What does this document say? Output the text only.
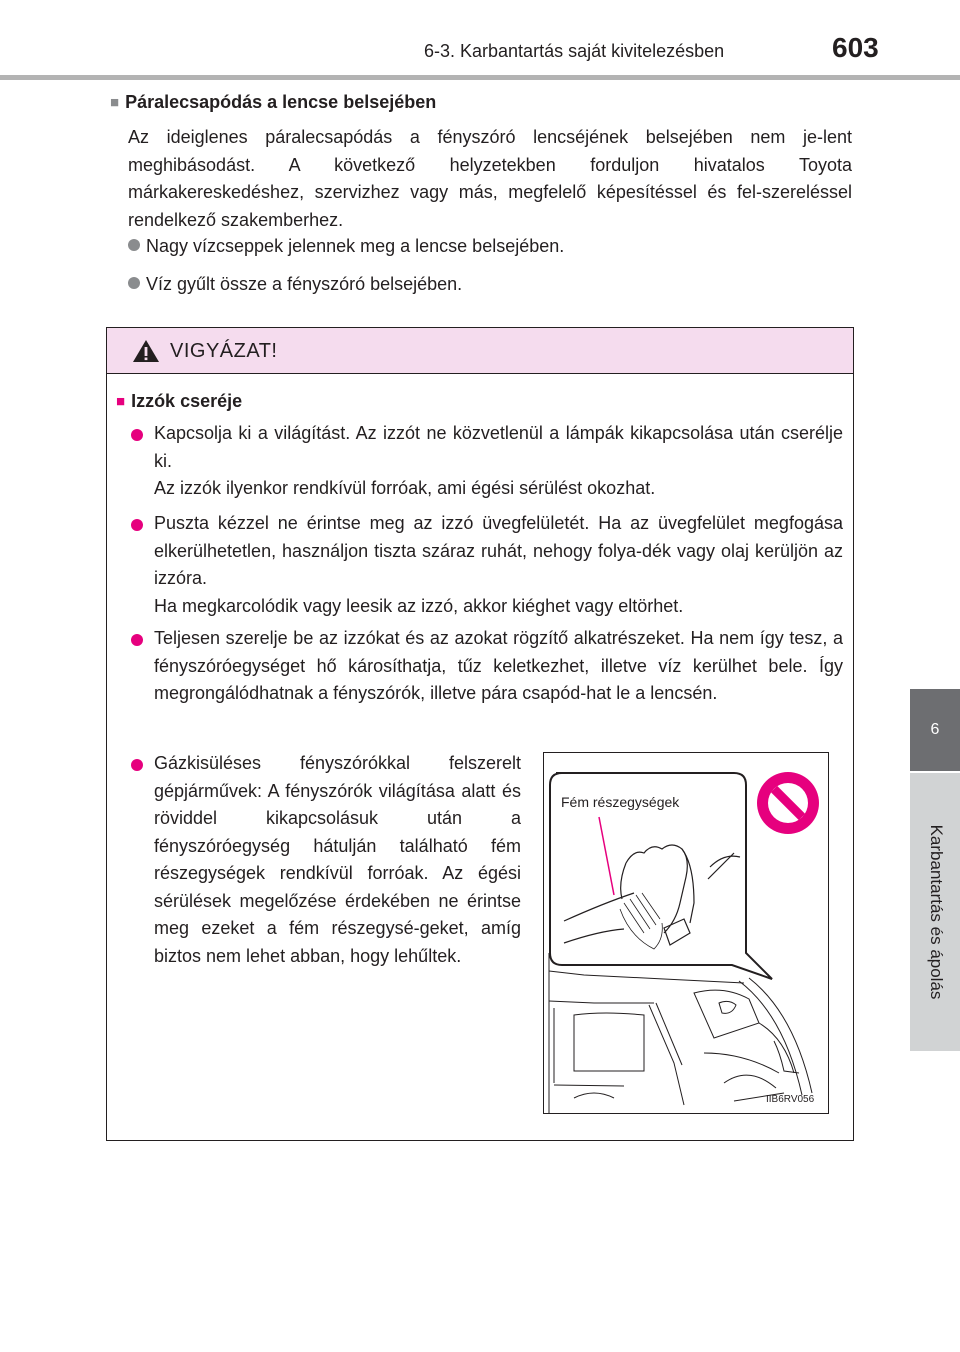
6-3. Karbantartás saját kivitelezésben	603
6
Karbantartás és ápolás
■ Páralecsapódás a lencse belsejében
Az ideiglenes páralecsapódás a fényszóró lencséjének belsejében nem je-lent meghibásodást. A következő helyzetekben forduljon hivatalos Toyota márkakereskedéshez, szervizhez vagy más, megfelelő képesítéssel és fel-szereléssel rendelkező szakemberhez.
Nagy vízcseppek jelennek meg a lencse belsejében.
Víz gyűlt össze a fényszóró belsejében.
VIGYÁZAT!
■ Izzók cseréje

Kapcsolja ki a világítást. Az izzót ne közvetlenül a lámpák kikapcsolása után cserélje ki.

Az izzók ilyenkor rendkívül forróak, ami égési sérülést okozhat.

Puszta kézzel ne érintse meg az izzó üvegfelületét. Ha az üvegfelület megfogása elkerülhetetlen, használjon tiszta száraz ruhát, nehogy folya-dék vagy olaj kerüljön az izzóra.

Ha megkarcolódik vagy leesik az izzó, akkor kiéghet vagy eltörhet.

Teljesen szerelje be az izzókat és az azokat rögzítő alkatrészeket. Ha nem így tesz, a fényszóróegységet hő károsíthatja, tűz keletkezhet, illetve víz kerülhet bele. Így megrongálódhatnak a fényszórók, illetve pára csapód-hat le a lencsén.

Gázkisüléses fényszórókkal felszerelt gépjárművek: A fényszórók világítása alatt és röviddel kikapcsolásuk után a fényszóróegység hátulján található fém részegységek rendkívül forróak. Az égési sérülések megelőzése érdekében ne érintse meg ezeket a fém részegysé-geket, amíg biztos nem lehet abban, hogy lehűltek.

Fém részegységek
IIB6RV056
